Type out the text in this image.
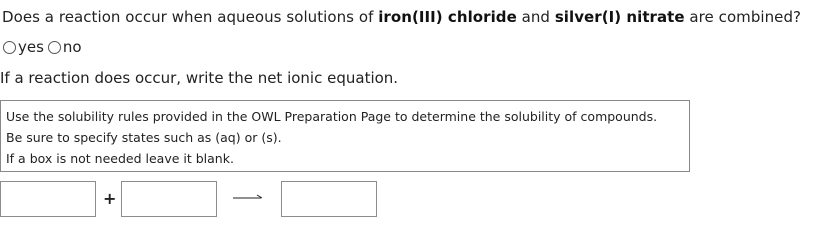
Does a reaction occur when aqueous solutions of iron(III) chloride and silver(I) nitrate are combined?
yes no
If a reaction does occur, write the net ionic equation.
Use the solubility rules provided in the OWL Preparation Page to determine the solubility of compounds.
Be sure to specify states such as (aq) or (s).
If a box is not needed leave it blank.
+
